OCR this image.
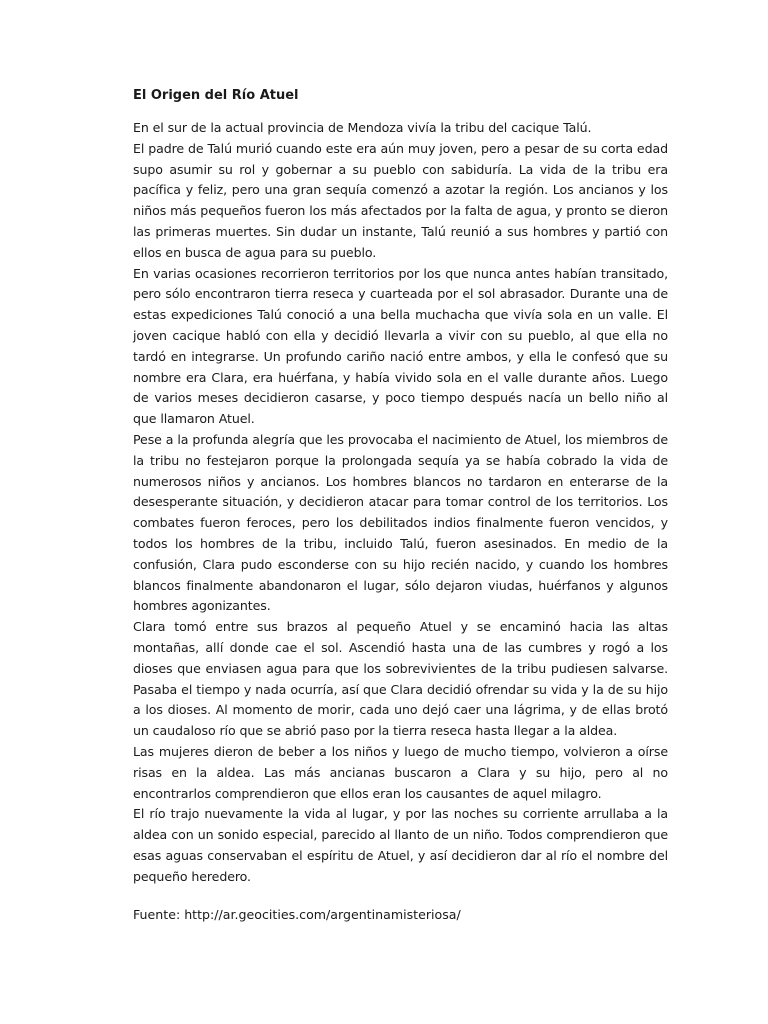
El Origen del Río Atuel

En el sur de la actual provincia de Mendoza vivía la tribu del cacique Talú.

El padre de Talú murió cuando este era aún muy joven, pero a pesar de su corta edad supo asumir su rol y gobernar a su pueblo con sabiduría. La vida de la tribu era pacífica y feliz, pero una gran sequía comenzó a azotar la región. Los ancianos y los niños más pequeños fueron los más afectados por la falta de agua, y pronto se dieron las primeras muertes. Sin dudar un instante, Talú reunió a sus hombres y partió con ellos en busca de agua para su pueblo.

En varias ocasiones recorrieron territorios por los que nunca antes habían transitado, pero sólo encontraron tierra reseca y cuarteada por el sol abrasador. Durante una de estas expediciones Talú conoció a una bella muchacha que vivía sola en un valle. El joven cacique habló con ella y decidió llevarla a vivir con su pueblo, al que ella no tardó en integrarse. Un profundo cariño nació entre ambos, y ella le confesó que su nombre era Clara, era huérfana, y había vivido sola en el valle durante años. Luego de varios meses decidieron casarse, y poco tiempo después nacía un bello niño al que llamaron Atuel.

Pese a la profunda alegría que les provocaba el nacimiento de Atuel, los miembros de la tribu no festejaron porque la prolongada sequía ya se había cobrado la vida de numerosos niños y ancianos. Los hombres blancos no tardaron en enterarse de la desesperante situación, y decidieron atacar para tomar control de los territorios. Los combates fueron feroces, pero los debilitados indios finalmente fueron vencidos, y todos los hombres de la tribu, incluido Talú, fueron asesinados. En medio de la confusión, Clara pudo esconderse con su hijo recién nacido, y cuando los hombres blancos finalmente abandonaron el lugar, sólo dejaron viudas, huérfanos y algunos hombres agonizantes.

Clara tomó entre sus brazos al pequeño Atuel y se encaminó hacia las altas montañas, allí donde cae el sol. Ascendió hasta una de las cumbres y rogó a los dioses que enviasen agua para que los sobrevivientes de la tribu pudiesen salvarse. Pasaba el tiempo y nada ocurría, así que Clara decidió ofrendar su vida y la de su hijo a los dioses. Al momento de morir, cada uno dejó caer una lágrima, y de ellas brotó un caudaloso río que se abrió paso por la tierra reseca hasta llegar a la aldea.

Las mujeres dieron de beber a los niños y luego de mucho tiempo, volvieron a oírse risas en la aldea. Las más ancianas buscaron a Clara y su hijo, pero al no encontrarlos comprendieron que ellos eran los causantes de aquel milagro.

El río trajo nuevamente la vida al lugar, y por las noches su corriente arrullaba a la aldea con un sonido especial, parecido al llanto de un niño. Todos comprendieron que esas aguas conservaban el espíritu de Atuel, y así decidieron dar al río el nombre del pequeño heredero.

Fuente: http://ar.geocities.com/argentinamisteriosa/
